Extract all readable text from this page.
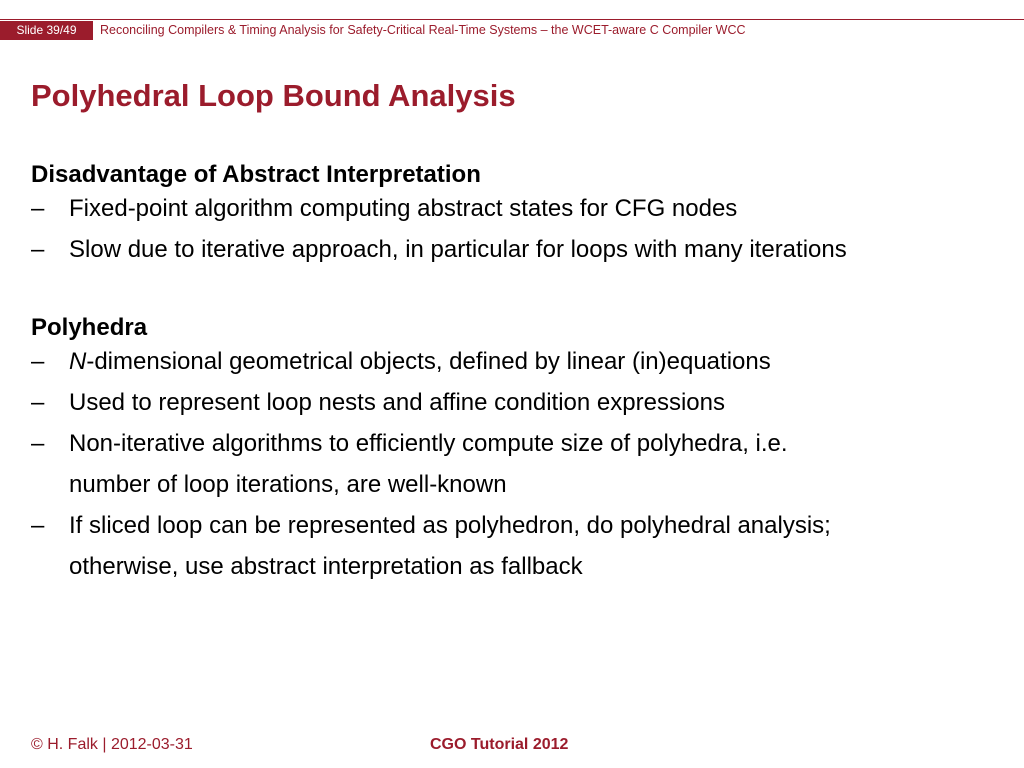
Slide 39/49	Reconciling Compilers & Timing Analysis for Safety-Critical Real-Time Systems – the WCET-aware C Compiler WCC
Polyhedral Loop Bound Analysis
Disadvantage of Abstract Interpretation
–	Fixed-point algorithm computing abstract states for CFG nodes
–	Slow due to iterative approach, in particular for loops with many iterations
Polyhedra
–	N-dimensional geometrical objects, defined by linear (in)equations
–	Used to represent loop nests and affine condition expressions
–	Non-iterative algorithms to efficiently compute size of polyhedra, i.e.
number of loop iterations, are well-known
–	If sliced loop can be represented as polyhedron, do polyhedral analysis;
otherwise, use abstract interpretation as fallback
© H. Falk | 2012-03-31	CGO Tutorial 2012
